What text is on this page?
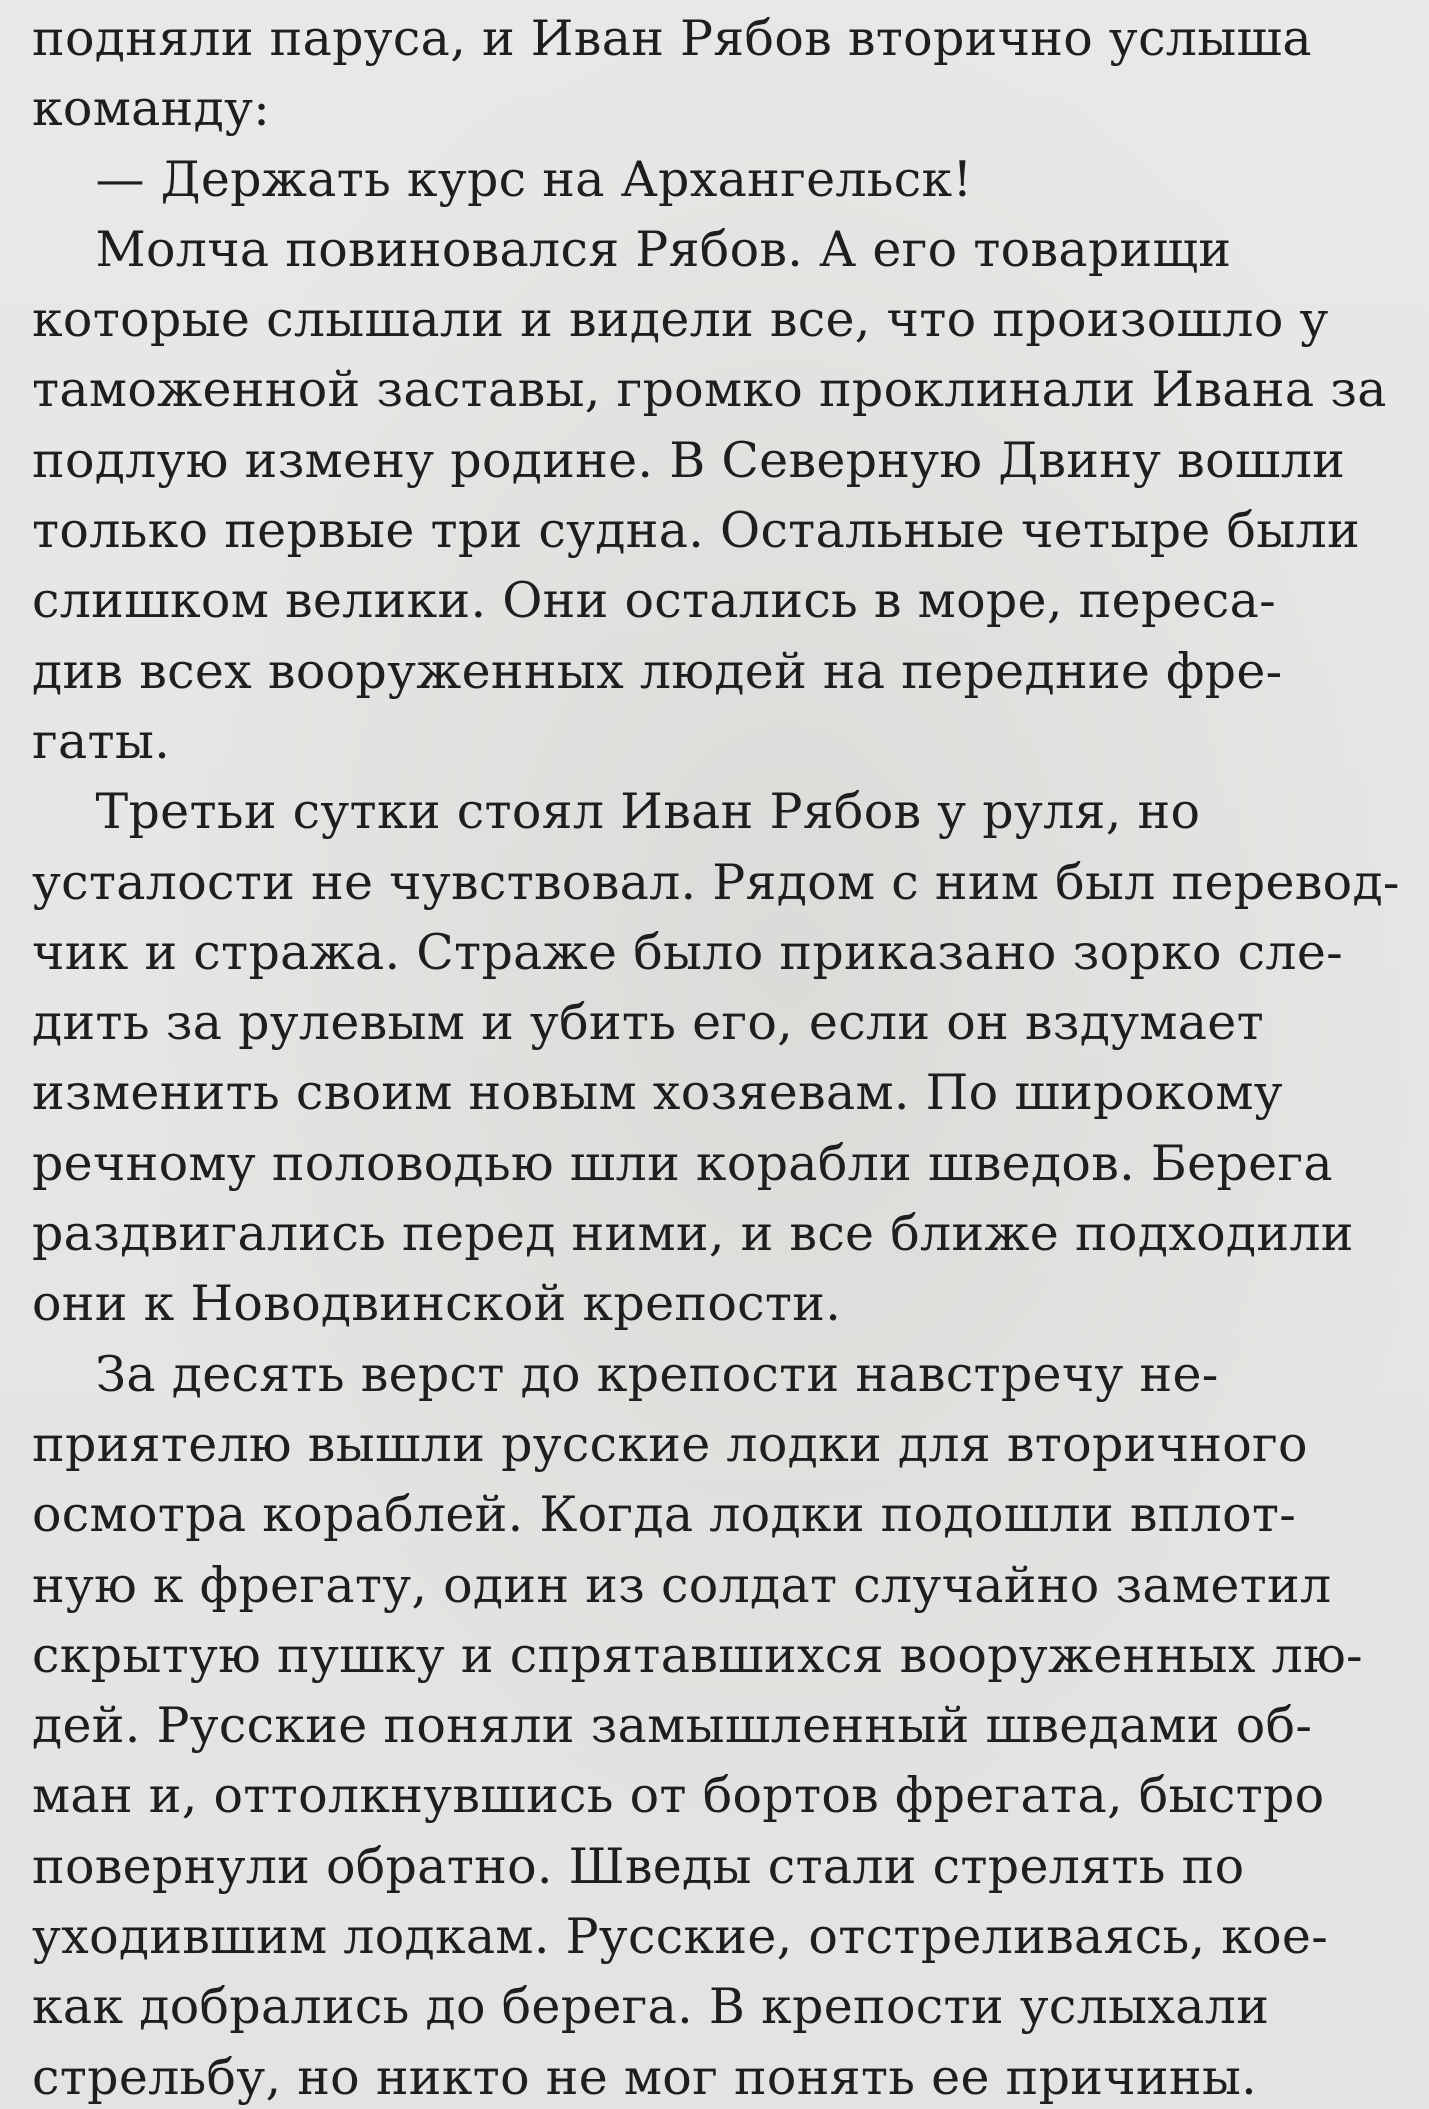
подняли паруса, и Иван Рябов вторично услыша
команду:
— Держать курс на Архангельск!
Молча повиновался Рябов. А его товарищи
которые слышали и видели все, что произошло у
таможенной заставы, громко проклинали Ивана за
подлую измену родине. В Северную Двину вошли
только первые три судна. Остальные четыре были
слишком велики. Они остались в море, переса-
див всех вооруженных людей на передние фре-
гаты.
Третьи сутки стоял Иван Рябов у руля, но
усталости не чувствовал. Рядом с ним был перевод-
чик и стража. Страже было приказано зорко сле-
дить за рулевым и убить его, если он вздумает
изменить своим новым хозяевам. По широкому
речному половодью шли корабли шведов. Берега
раздвигались перед ними, и все ближе подходили
они к Новодвинской крепости.
За десять верст до крепости навстречу не-
приятелю вышли русские лодки для вторичного
осмотра кораблей. Когда лодки подошли вплот-
ную к фрегату, один из солдат случайно заметил
скрытую пушку и спрятавшихся вооруженных лю-
дей. Русские поняли замышленный шведами об-
ман и, оттолкнувшись от бортов фрегата, быстро
повернули обратно. Шведы стали стрелять по
уходившим лодкам. Русские, отстреливаясь, кое-
как добрались до берега. В крепости услыхали
стрельбу, но никто не мог понять ее причины.
